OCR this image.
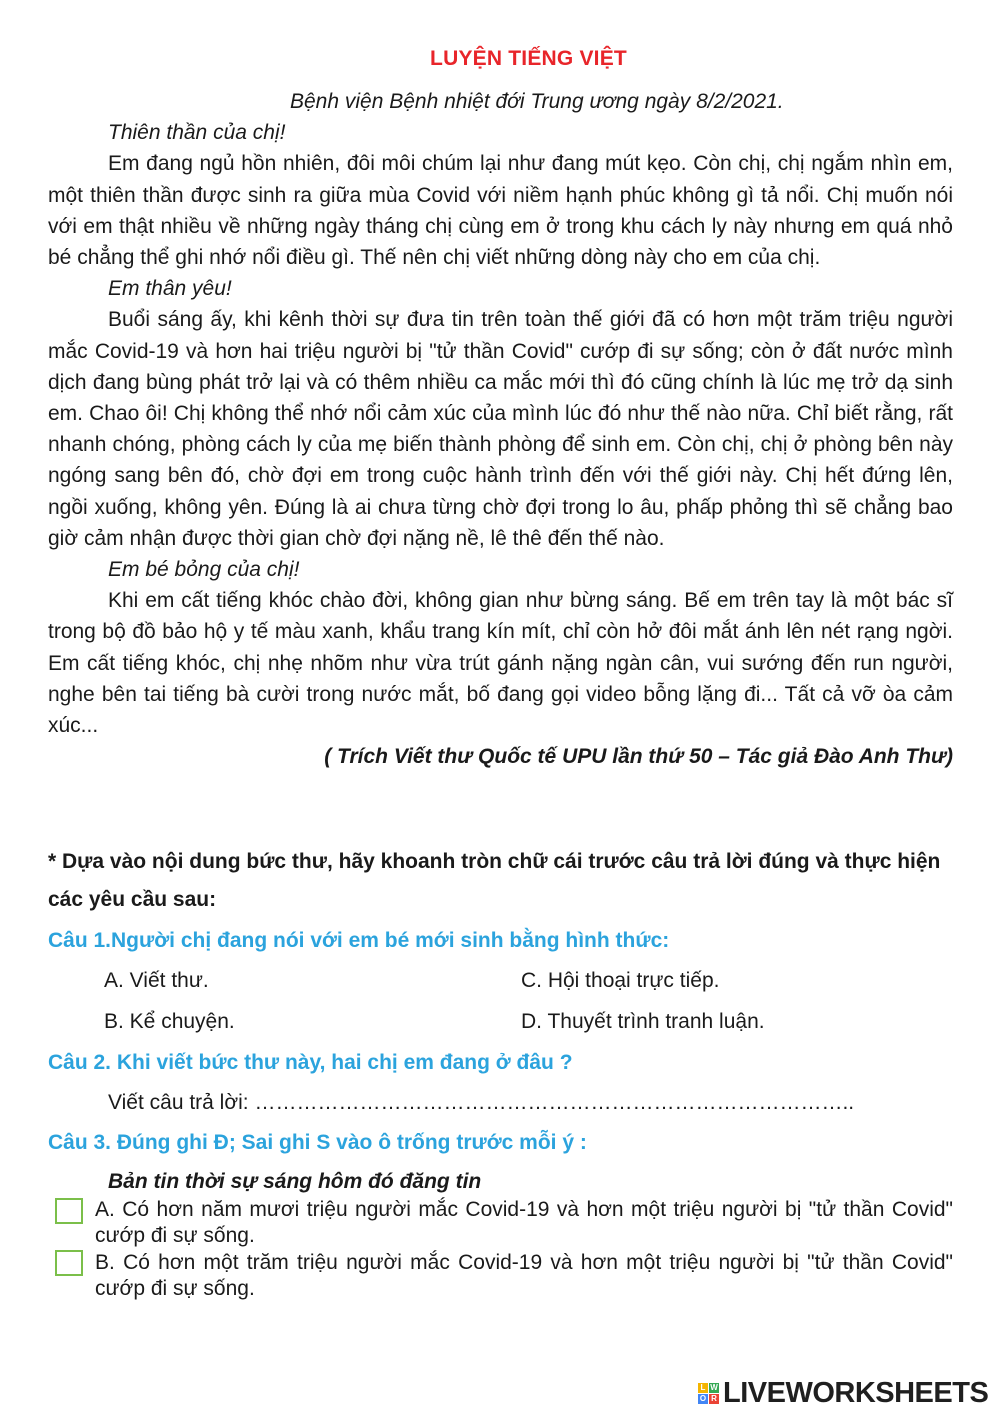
LUYỆN TIẾNG VIỆT

Bệnh viện Bệnh nhiệt đới Trung ương ngày 8/2/2021.

Thiên thần của chị!

Em đang ngủ hồn nhiên, đôi môi chúm lại như đang mút kẹo. Còn chị, chị ngắm nhìn em, một thiên thần được sinh ra giữa mùa Covid với niềm hạnh phúc không gì tả nổi. Chị muốn nói với em thật nhiều về những ngày tháng chị cùng em ở trong khu cách ly này nhưng em quá nhỏ bé chẳng thể ghi nhớ nổi điều gì. Thế nên chị viết những dòng này cho em của chị.

Em thân yêu!

Buổi sáng ấy, khi kênh thời sự đưa tin trên toàn thế giới đã có hơn một trăm triệu người mắc Covid-19 và hơn hai triệu người bị "tử thần Covid" cướp đi sự sống; còn ở đất nước mình dịch đang bùng phát trở lại và có thêm nhiều ca mắc mới thì đó cũng chính là lúc mẹ trở dạ sinh em. Chao ôi! Chị không thể nhớ nổi cảm xúc của mình lúc đó như thế nào nữa. Chỉ biết rằng, rất nhanh chóng, phòng cách ly của mẹ biến thành phòng để sinh em. Còn chị, chị ở phòng bên này ngóng sang bên đó, chờ đợi em trong cuộc hành trình đến với thế giới này. Chị hết đứng lên, ngồi xuống, không yên. Đúng là ai chưa từng chờ đợi trong lo âu, phấp phỏng thì sẽ chẳng bao giờ cảm nhận được thời gian chờ đợi nặng nề, lê thê đến thế nào.

Em bé bỏng của chị!

Khi em cất tiếng khóc chào đời, không gian như bừng sáng. Bế em trên tay là một bác sĩ trong bộ đồ bảo hộ y tế màu xanh, khẩu trang kín mít, chỉ còn hở đôi mắt ánh lên nét rạng ngời. Em cất tiếng khóc, chị nhẹ nhõm như vừa trút gánh nặng ngàn cân, vui sướng đến run người, nghe bên tai tiếng bà cười trong nước mắt, bố đang gọi video bỗng lặng đi... Tất cả vỡ òa cảm xúc...

( Trích Viết thư Quốc tế UPU lần thứ 50 – Tác giả Đào Anh Thư)

* Dựa vào nội dung bức thư, hãy khoanh tròn chữ cái trước câu trả lời đúng và thực hiện các yêu cầu sau:
Câu 1.Người chị đang nói với em bé mới sinh bằng hình thức:
A. Viết thư.	C. Hội thoại trực tiếp.
B. Kể chuyện.	D. Thuyết trình tranh luận.
Câu 2. Khi viết bức thư này, hai chị em đang ở đâu ?
Viết câu trả lời: …………………………………………………………………………..
Câu 3. Đúng ghi Đ; Sai ghi S vào ô trống trước mỗi ý :
Bản tin thời sự sáng hôm đó đăng tin
A. Có hơn năm mươi triệu người mắc Covid-19 và hơn một triệu người bị "tử thần Covid" cướp đi sự sống.
B. Có hơn một trăm triệu người mắc Covid-19 và hơn một triệu người bị "tử thần Covid" cướp đi sự sống.
L W
O R LIVEWORKSHEETS
